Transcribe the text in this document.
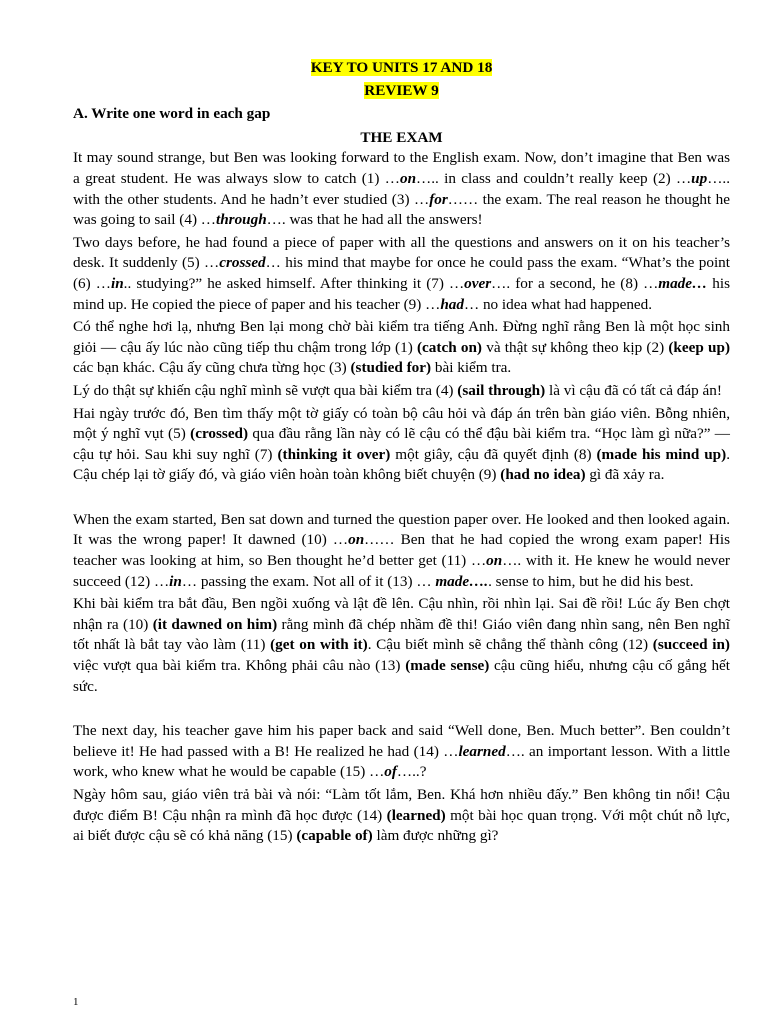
KEY TO UNITS 17 AND 18
REVIEW 9
A. Write one word in each gap
THE EXAM

It may sound strange, but Ben was looking forward to the English exam. Now, don’t imagine that Ben was a great student. He was always slow to catch (1) …on….. in class and couldn’t really keep (2) …up….. with the other students. And he hadn’t ever studied (3) …for…… the exam. The real reason he thought he was going to sail (4) …through…. was that he had all the answers!

Two days before, he had found a piece of paper with all the questions and answers on it on his teacher’s desk. It suddenly (5) …crossed… his mind that maybe for once he could pass the exam. “What’s the point (6) …in.. studying?” he asked himself. After thinking it (7) …over…. for a second, he (8) …made… his mind up. He copied the piece of paper and his teacher (9) …had… no idea what had happened.

Có thể nghe hơi lạ, nhưng Ben lại mong chờ bài kiểm tra tiếng Anh. Đừng nghĩ rằng Ben là một học sinh giỏi — cậu ấy lúc nào cũng tiếp thu chậm trong lớp (1) (catch on) và thật sự không theo kịp (2) (keep up) các bạn khác. Cậu ấy cũng chưa từng học (3) (studied for) bài kiểm tra.

Lý do thật sự khiến cậu nghĩ mình sẽ vượt qua bài kiểm tra (4) (sail through) là vì cậu đã có tất cả đáp án!

Hai ngày trước đó, Ben tìm thấy một tờ giấy có toàn bộ câu hỏi và đáp án trên bàn giáo viên. Bỗng nhiên, một ý nghĩ vụt (5) (crossed) qua đầu rằng lần này có lẽ cậu có thể đậu bài kiểm tra. “Học làm gì nữa?” — cậu tự hỏi. Sau khi suy nghĩ (7) (thinking it over) một giây, cậu đã quyết định (8) (made his mind up). Cậu chép lại tờ giấy đó, và giáo viên hoàn toàn không biết chuyện (9) (had no idea) gì đã xảy ra.

When the exam started, Ben sat down and turned the question paper over. He looked and then looked again. It was the wrong paper! It dawned (10) …on…… Ben that he had copied the wrong exam paper! His teacher was looking at him, so Ben thought he’d better get (11) …on…. with it. He knew he would never succeed (12) …in… passing the exam. Not all of it (13) … made….. sense to him, but he did his best.

Khi bài kiểm tra bắt đầu, Ben ngồi xuống và lật đề lên. Cậu nhìn, rồi nhìn lại. Sai đề rồi! Lúc ấy Ben chợt nhận ra (10) (it dawned on him) rằng mình đã chép nhầm đề thi! Giáo viên đang nhìn sang, nên Ben nghĩ tốt nhất là bắt tay vào làm (11) (get on with it). Cậu biết mình sẽ chẳng thể thành công (12) (succeed in) việc vượt qua bài kiểm tra. Không phải câu nào (13) (made sense) cậu cũng hiểu, nhưng cậu cố gắng hết sức.

The next day, his teacher gave him his paper back and said “Well done, Ben. Much better”. Ben couldn’t believe it! He had passed with a B! He realized he had (14) …learned…. an important lesson. With a little work, who knew what he would be capable (15) …of…..?

Ngày hôm sau, giáo viên trả bài và nói: “Làm tốt lắm, Ben. Khá hơn nhiều đấy.” Ben không tin nổi! Cậu được điểm B! Cậu nhận ra mình đã học được (14) (learned) một bài học quan trọng. Với một chút nỗ lực, ai biết được cậu sẽ có khả năng (15) (capable of) làm được những gì?

1
